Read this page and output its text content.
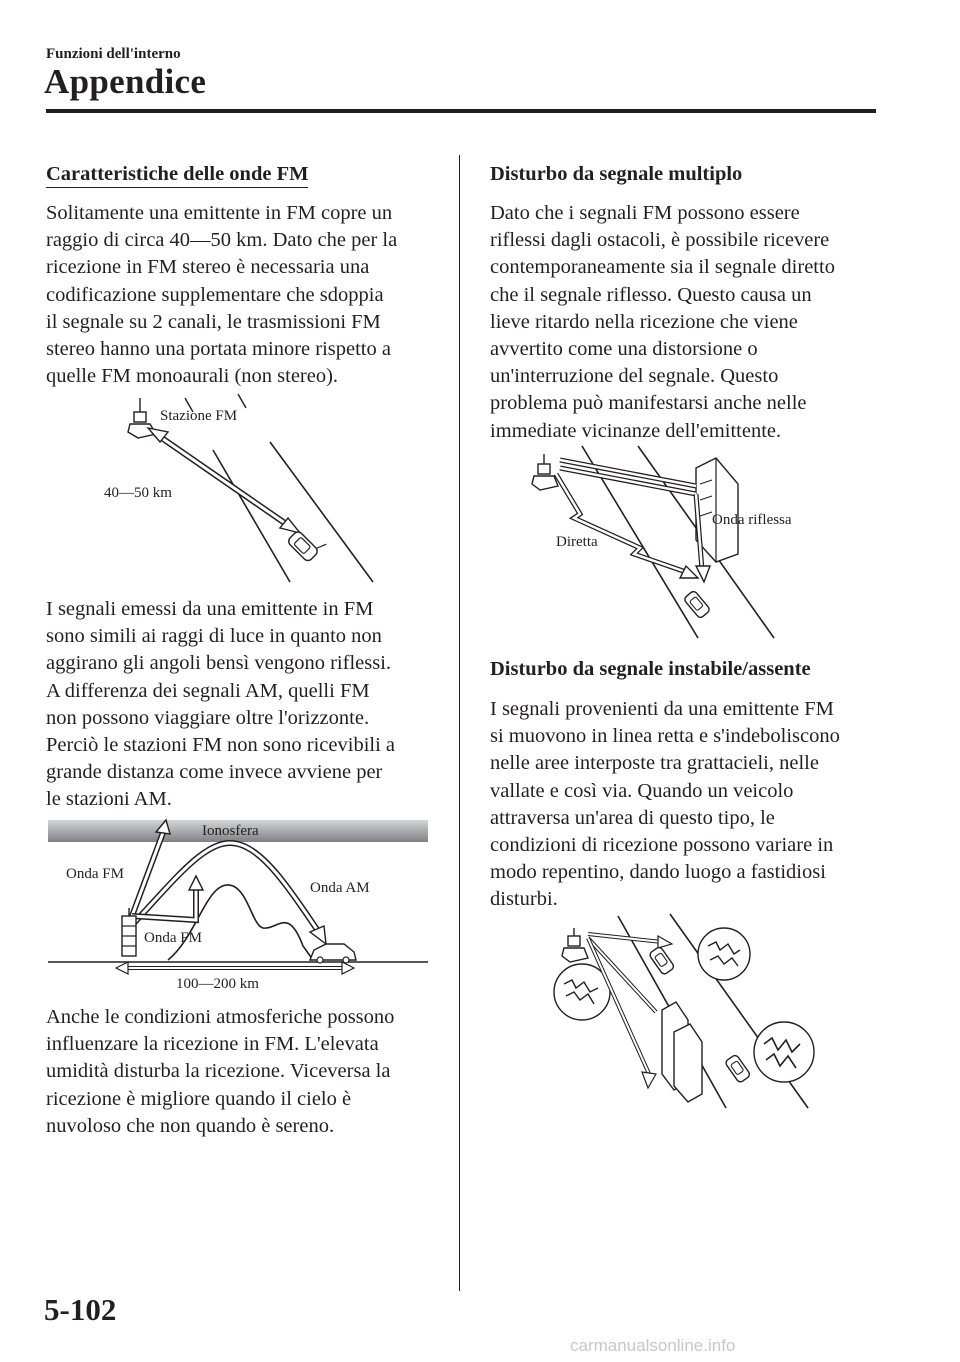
Funzioni dell'interno
Appendice
Caratteristiche delle onde FM
Solitamente una emittente in FM copre un
raggio di circa 40―50 km. Dato che per la
ricezione in FM stereo è necessaria una
codificazione supplementare che sdoppia
il segnale su 2 canali, le trasmissioni FM
stereo hanno una portata minore rispetto a
quelle FM monoaurali (non stereo).
Stazione FM
40—50 km
I segnali emessi da una emittente in FM
sono simili ai raggi di luce in quanto non
aggirano gli angoli bensì vengono riflessi.
A differenza dei segnali AM, quelli FM
non possono viaggiare oltre l'orizzonte.
Perciò le stazioni FM non sono ricevibili a
grande distanza come invece avviene per
le stazioni AM.
Ionosfera
Onda FM
Onda AM
Onda FM
100—200 km
Anche le condizioni atmosferiche possono
influenzare la ricezione in FM. L'elevata
umidità disturba la ricezione. Viceversa la
ricezione è migliore quando il cielo è
nuvoloso che non quando è sereno.
Disturbo da segnale multiplo
Dato che i segnali FM possono essere
riflessi dagli ostacoli, è possibile ricevere
contemporaneamente sia il segnale diretto
che il segnale riflesso. Questo causa un
lieve ritardo nella ricezione che viene
avvertito come una distorsione o
un'interruzione del segnale. Questo
problema può manifestarsi anche nelle
immediate vicinanze dell'emittente.
Onda riflessa
Diretta
Disturbo da segnale instabile/assente
I segnali provenienti da una emittente FM
si muovono in linea retta e s'indeboliscono
nelle aree interposte tra grattacieli, nelle
vallate e così via. Quando un veicolo
attraversa un'area di questo tipo, le
condizioni di ricezione possono variare in
modo repentino, dando luogo a fastidiosi
disturbi.
5-102
carmanualsonline.info
